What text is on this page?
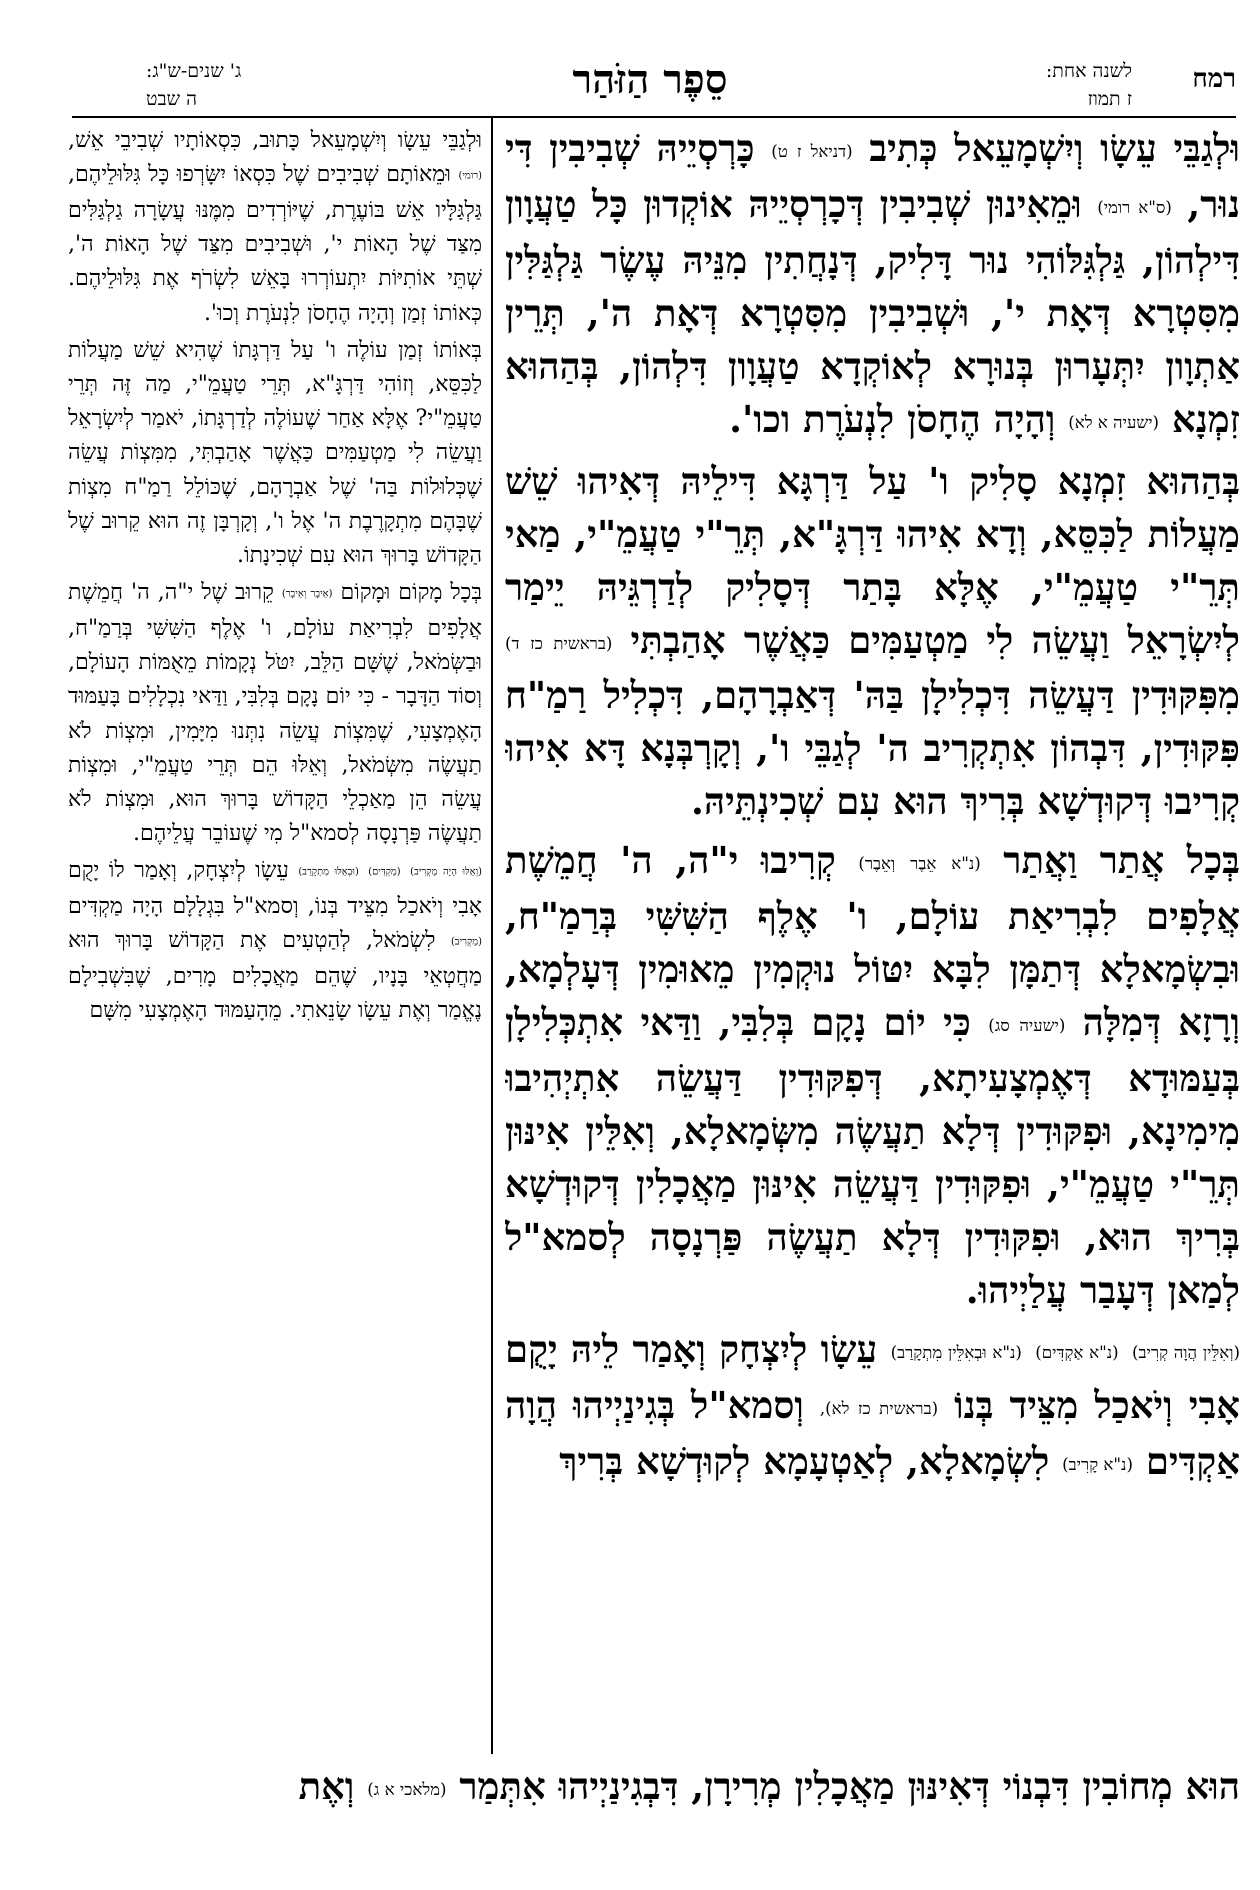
רמח
לשנה אחת:
ז תמוז
סֵפֶר הַזֹּהַר
ג' שנים-ש"ג:
ה שבט

וּלְגַבֵּי עֵשָׂו וְיִשְׁמָעֵאל כְּתִיב (דניאל ז ט) כָּרְסְיֵיהּ שְׁבִיבִין דִּי נוּר, (ס"א רומי) וּמֵאִינוּן שְׁבִיבִין דְּכָרְסְיֵיהּ אוֹקְדוּן כָּל טַעֲוָון דִּילְהוֹן, גַּלְגִּלּוֹהִי נוּר דָּלִיק, דְּנָחֲתִין מִנֵּיהּ עֶשֶׂר גַּלְגַּלִּין מִסִּטְרָא דְּאָת י', וּשְׁבִיבִין מִסִּטְרָא דְּאָת ה', תְּרֵין אַתְוָון יִתְּעָרוּן בְּנוּרָא לְאוֹקְדָא טַעֲוָון דִּלְהוֹן, בְּהַהוּא זִמְנָא (ישעיה א לא) וְהָיָה הֶחָסֹן לִנְעֹרֶת וכו'.

בְּהַהוּא זִמְנָא סָלִיק ו' עַל דַּרְגָּא דִּילֵיהּ דְּאִיהוּ שֵׁשׁ מַעֲלוֹת לַכִּסֵּא, וְדָא אִיהוּ דַּרְגָּ"א, תְּרֵ"י טַעֲמֵ"י, מַאי תְּרֵ"י טַעֲמֵ"י, אֶלָּא בָּתַר דְּסָלִיק לְדַרְגֵּיהּ יֵימַר לְיִשְׂרָאֵל וַעֲשֵׂה לִי מַטְעַמִּים כַּאֲשֶׁר אָהַבְתִּי (בראשית כז ד) מִפִּקּוּדִין דַּעֲשֵׂה דִּכְלִילָן בַּהּ' דְּאַבְרָהָם, דִּכְלִיל רַמַ"ח פִּקּוּדִין, דִּבְהוֹן אִתְקְרִיב ה' לְגַבֵּי ו', וְקָרְבְּנָא דָּא אִיהוּ קְרִיבוּ דְּקוּדְשָׁא בְּרִיךְ הוּא עִם שְׁכִינְתֵּיהּ.

בְּכָל אֲתַר וַאֲתַר (נ"א אֵבֶר וְאֵבֶר) קְרִיבוּ י"ה, ה' חֲמֵשֶׁת אֲלָפִים לִבְרִיאַת עוֹלָם, ו' אֶלֶף הַשִּׁשִּׁי בְּרַמַ"ח, וּבִשְׂמָאלָא דְּתַמָּן לִבָּא יִטּוֹל נוּקְמִין מֵאוּמִין דְּעָלְמָא, וְרָזָא דְּמִלָּה (ישעיה סג) כִּי יוֹם נָקָם בְּלִבִּי, וַדַּאי אִתְכְּלִילָן בְּעַמּוּדָא דְּאֶמְצָעִיתָא, דְּפִקּוּדִין דַּעֲשֵׂה אִתְיְהִיבוּ מִימִינָא, וּפִקּוּדִין דְּלָא תַעֲשֶׂה מִשְּׂמָאלָא, וְאִלֵּין אִינּוּן תְּרֵ"י טַעֲמֵ"י, וּפִקּוּדִין דַּעֲשֵׂה אִינּוּן מַאֲכָלִין דְּקוּדְשָׁא בְּרִיךְ הוּא, וּפִקּוּדִין דְּלָא תַעֲשֶׂה פַּרְנָסָה לְסמא"ל לְמַאן דְּעָבַר עֲלַיְיהוּ.

(וְאִלֵּין הֲוָה קְרִיב) (נ"א אַקְדִּים) (נ"א וּבְאִלֵּין מִתְקָרַב) עֵשָׂו לְיִצְחָק וְאָמַר לֵיהּ יָקֻם אָבִי וְיֹאכַל מִצֵּיד בְּנוֹ (בראשית כז לא), וְסמא"ל בְּגִינַיְיהוּ הֲוָה אַקְדִּים (נ"א קָרִיב) לִשְׂמָאלָא, לְאַטְעָמָא לְקוּדְשָׁא בְּרִיךְ

וּלְגַבֵּי עֵשָׂו וְיִשְׁמָעֵאל כָּתוּב, כִּסְאוֹתָיו שְׁבִיבֵי אֵשׁ, (רומי) וּמֵאוֹתָם שְׁבִיבִים שֶׁל כִּסְאוֹ יִשָּׂרְפוּ כָּל גִּלּוּלֵיהֶם, גַּלְגַּלָּיו אֵשׁ בּוֹעֶרֶת, שֶׁיּוֹרְדִים מִמֶּנּוּ עֲשָׂרָה גַלְגַּלִּים מִצַּד שֶׁל הָאוֹת י', וּשְׁבִיבִים מִצַּד שֶׁל הָאוֹת ה', שְׁתֵּי אוֹתִיּוֹת יִתְעוֹרְרוּ בָּאֵשׁ לִשְׂרֹף אֶת גִּלּוּלֵיהֶם. כְּאוֹתוֹ זְמַן וְהָיָה הֶחָסֹן לִנְעֹרֶת וְכוּ'.

בְּאוֹתוֹ זְמַן עוֹלֶה ו' עַל דַּרְגָּתוֹ שֶׁהִיא שֵׁשׁ מַעֲלוֹת לַכִּסֵּא, וְזוֹהִי דַּרְגָּ"א, תְּרֵי טַעֲמֵ"י, מַה זֶּה תְּרֵי טַעֲמֵ"י? אֶלָּא אַחַר שֶׁעוֹלֶה לְדַרְגָּתוֹ, יֹאמַר לְיִשְׂרָאֵל וַעֲשֵׂה לִי מַטְעַמִּים כַּאֲשֶׁר אָהַבְתִּי, מִמִּצְוֹת עֲשֵׂה שֶׁכְּלוּלוֹת בַּה' שֶׁל אַבְרָהָם, שֶׁכּוֹלֵל רַמַ"ח מִצְוֹת שֶׁבָּהֶם מִתְקָרֶבֶת ה' אֶל ו', וְקָרְבָּן זֶה הוּא קֵרוּב שֶׁל הַקָּדוֹשׁ בָּרוּךְ הוּא עִם שְׁכִינָתוֹ.

בְּכָל מָקוֹם וּמָקוֹם (אֵיבָר וְאֵיבָר) קֵרוּב שֶׁל י"ה, ה' חֲמֵשֶׁת אֲלָפִים לִבְרִיאַת עוֹלָם, ו' אֶלֶף הַשִּׁשִּׁי בְּרַמַ"ח, וּבַשְּׂמֹאל, שֶׁשָּׁם הַלֵּב, יִטֹּל נְקָמוֹת מֵאֻמּוֹת הָעוֹלָם, וְסוֹד הַדָּבָר - כִּי יוֹם נָקָם בְּלִבִּי, וַדַּאי נִכְלָלִים בָּעַמּוּד הָאֶמְצָעִי, שֶׁמִּצְוֹת עֲשֵׂה נִתְּנוּ מִיָּמִין, וּמִצְוֹת לֹא תַעֲשֶׂה מִשְּׂמֹאל, וְאֵלּוּ הֵם תְּרֵי טַעֲמֵ"י, וּמִצְוֹת עֲשֵׂה הֵן מַאַכְלֵי הַקָּדוֹשׁ בָּרוּךְ הוּא, וּמִצְוֹת לֹא תַעֲשֶׂה פַּרְנָסָה לְסמא"ל מִי שֶׁעוֹבֵר עֲלֵיהֶם.

(וְאֵלּוּ הָיָה מַקְרִיב) (מַקְדִּים) (וּבְאֵלּוּ מִתְקָרֵב) עֵשָׂו לְיִצְחָק, וְאָמַר לוֹ יָקֻם אָבִי וְיֹאכַל מִצֵּיד בְּנוֹ, וְסמא"ל בִּגְלָלָם הָיָה מַקְדִּים (מַקְרִיב) לִשְׂמֹאל, לְהַטְעִים אֶת הַקָּדוֹשׁ בָּרוּךְ הוּא מַחֲטְאֵי בָּנָיו, שֶׁהֵם מַאֲכָלִים מָרִים, שֶׁבִּשְׁבִילָם נֶאֱמַר וְאֶת עֵשָׂו שָׂנֵאתִי. מֵהָעַמּוּד הָאֶמְצָעִי מִשָּׁם

הוּא מְחוֹבִין דִּבְנוֹי דְּאִינּוּן מַאֲכָלִין מְרִירָן, דִּבְגִינַיְיהוּ אִתְּמַר (מלאכי א ג) וְאֶת
